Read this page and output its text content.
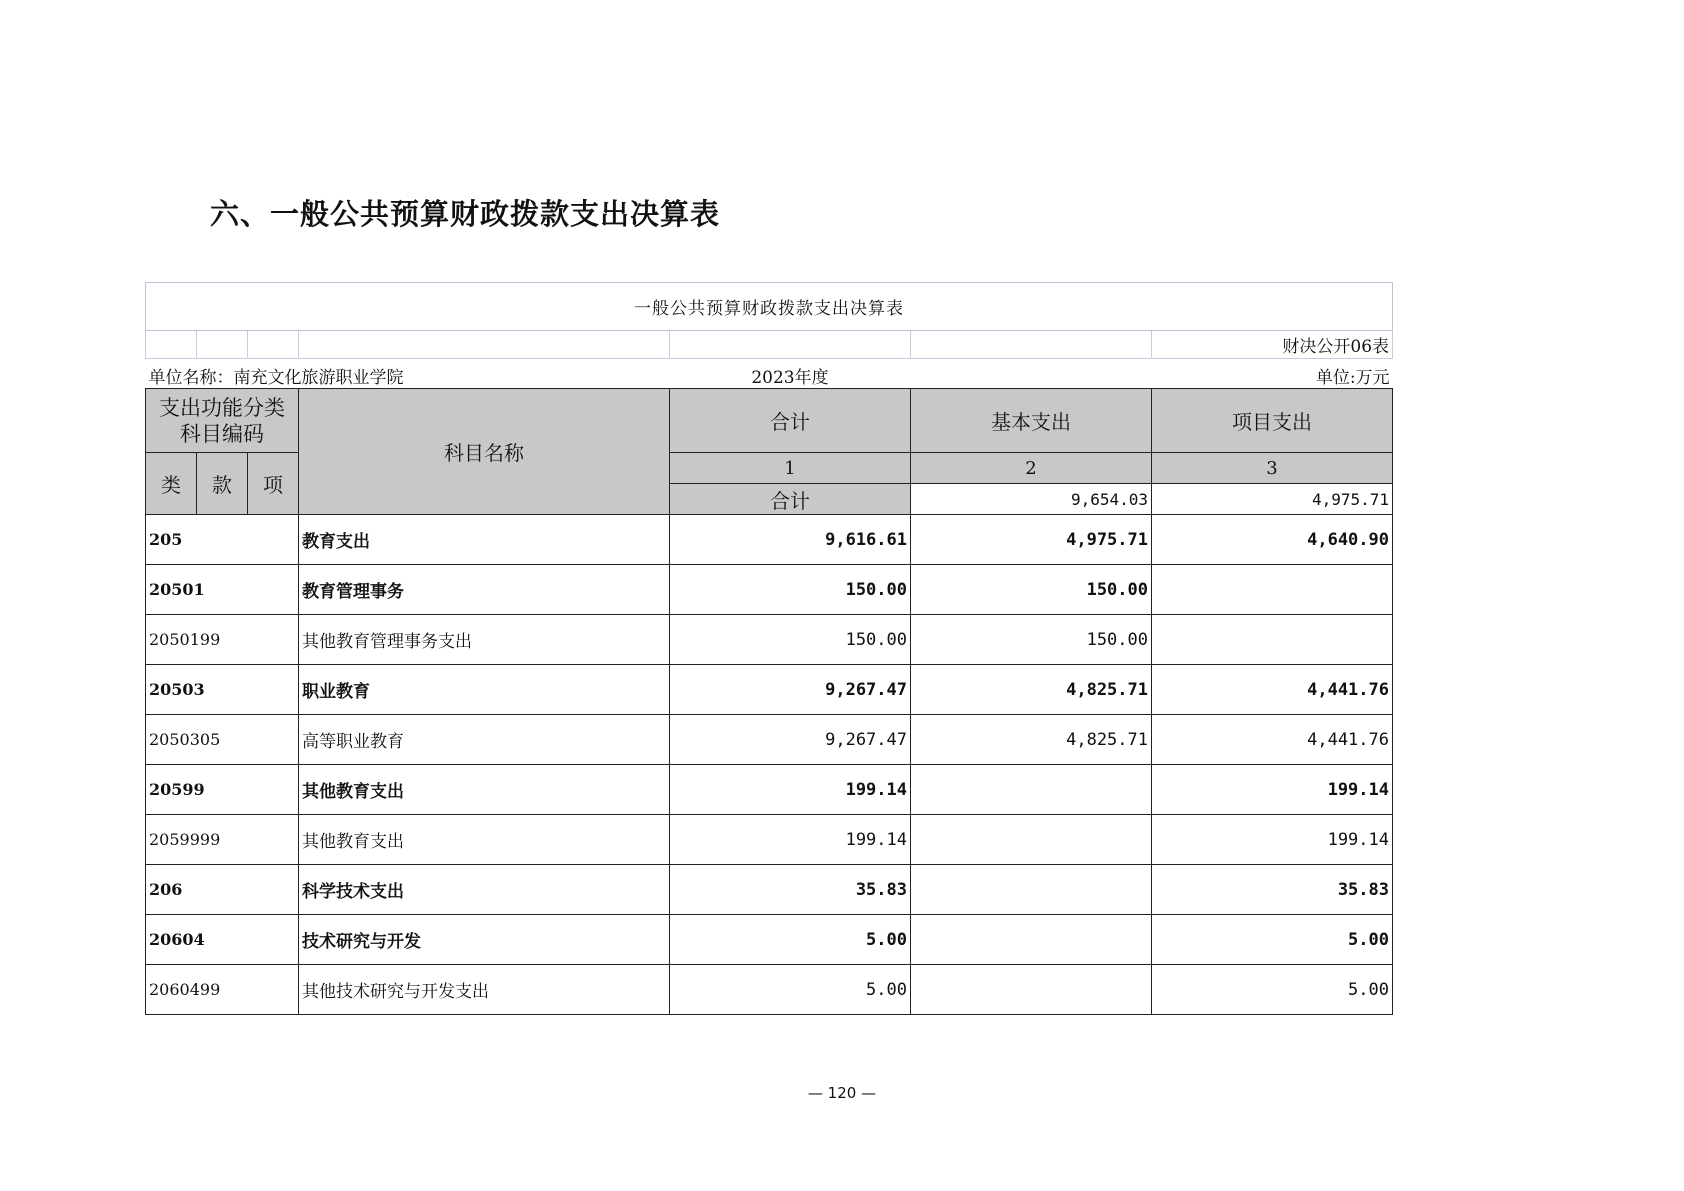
六、一般公共预算财政拨款支出决算表
一般公共预算财政拨款支出决算表							
						财决公开06表	
单位名称：南充文化旅游职业学院				2023年度		单位:万元	
支出功能分类科目编码			科目名称	合计	基本支出	项目支出	
类	款	项		1	2	3	
				合计	9,654.03	4,975.71	
205	教育支出	9,616.61	4,975.71	4,640.90
20501	教育管理事务	150.00	150.00	
2050199	其他教育管理事务支出	150.00	150.00	
20503	职业教育	9,267.47	4,825.71	4,441.76
2050305	高等职业教育	9,267.47	4,825.71	4,441.76
20599	其他教育支出	199.14		199.14
2059999	其他教育支出	199.14		199.14
206	科学技术支出	35.83		35.83
20604	技术研究与开发	5.00		5.00
2060499	其他技术研究与开发支出	5.00		5.00
— 120 —
